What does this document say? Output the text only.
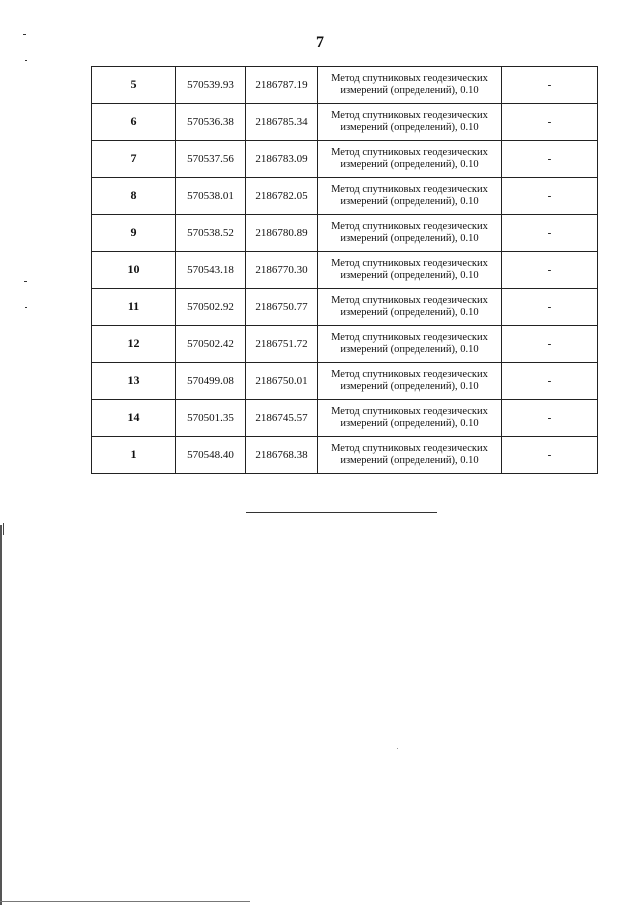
7
5	570539.93	2186787.19	Метод спутниковых геодезических измерений (определений), 0.10	-
6	570536.38	2186785.34	Метод спутниковых геодезических измерений (определений), 0.10	-
7	570537.56	2186783.09	Метод спутниковых геодезических измерений (определений), 0.10	-
8	570538.01	2186782.05	Метод спутниковых геодезических измерений (определений), 0.10	-
9	570538.52	2186780.89	Метод спутниковых геодезических измерений (определений), 0.10	-
10	570543.18	2186770.30	Метод спутниковых геодезических измерений (определений), 0.10	-
11	570502.92	2186750.77	Метод спутниковых геодезических измерений (определений), 0.10	-
12	570502.42	2186751.72	Метод спутниковых геодезических измерений (определений), 0.10	-
13	570499.08	2186750.01	Метод спутниковых геодезических измерений (определений), 0.10	-
14	570501.35	2186745.57	Метод спутниковых геодезических измерений (определений), 0.10	-
1	570548.40	2186768.38	Метод спутниковых геодезических измерений (определений), 0.10	-
